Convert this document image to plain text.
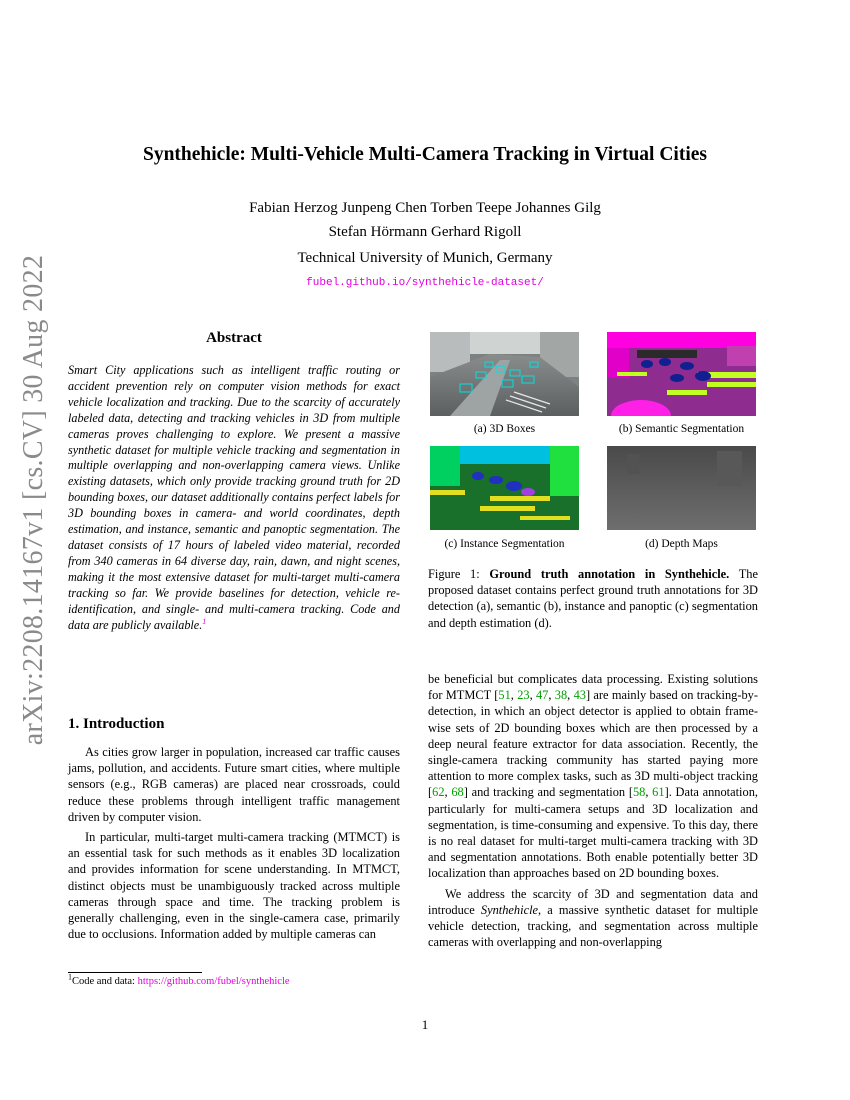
arXiv:2208.14167v1 [cs.CV] 30 Aug 2022
Synthehicle: Multi-Vehicle Multi-Camera Tracking in Virtual Cities
Fabian Herzog Junpeng Chen Torben Teepe Johannes Gilg
Stefan Hörmann Gerhard Rigoll
Technical University of Munich, Germany
fubel.github.io/synthehicle-dataset/
Abstract
Smart City applications such as intelligent traffic routing or accident prevention rely on computer vision methods for exact vehicle localization and tracking. Due to the scarcity of accurately labeled data, detecting and tracking vehicles in 3D from multiple cameras proves challenging to explore. We present a massive synthetic dataset for multiple vehicle tracking and segmentation in multiple overlapping and non-overlapping camera views. Unlike existing datasets, which only provide tracking ground truth for 2D bounding boxes, our dataset additionally contains perfect labels for 3D bounding boxes in camera- and world coordinates, depth estimation, and instance, semantic and panoptic segmentation. The dataset consists of 17 hours of labeled video material, recorded from 340 cameras in 64 diverse day, rain, dawn, and night scenes, making it the most extensive dataset for multi-target multi-camera tracking so far. We provide baselines for detection, vehicle re-identification, and single- and multi-camera tracking. Code and data are publicly available.$^1$
1. Introduction

As cities grow larger in population, increased car traffic causes jams, pollution, and accidents. Future smart cities, where multiple sensors (e.g., RGB cameras) are placed near crossroads, could reduce these problems through intelligent traffic management driven by computer vision.

In particular, multi-target multi-camera tracking (MTMCT) is an essential task for such methods as it enables 3D localization and provides information for scene understanding. In MTMCT, distinct objects must be unambiguously tracked across multiple cameras through space and time. The tracking problem is generally challenging, even in the single-camera case, primarily due to occlusions. Information added by multiple cameras can

$^1$Code and data: https://github.com/fubel/synthehicle
(a) 3D Boxes	(b) Semantic Segmentation
(c) Instance Segmentation	(d) Depth Maps
Figure 1: Ground truth annotation in Synthehicle. The proposed dataset contains perfect ground truth annotations for 3D detection (a), semantic (b), instance and panoptic (c) segmentation and depth estimation (d).

be beneficial but complicates data processing. Existing solutions for MTMCT [51, 23, 47, 38, 43] are mainly based on tracking-by-detection, in which an object detector is applied to obtain frame-wise sets of 2D bounding boxes which are then processed by a deep neural feature extractor for data association. Recently, the single-camera tracking community has started paying more attention to more complex tasks, such as 3D multi-object tracking [62, 68] and tracking and segmentation [58, 61]. Data annotation, particularly for multi-camera setups and 3D localization and segmentation, is time-consuming and expensive. To this day, there is no real dataset for multi-target multi-camera tracking with 3D and segmentation annotations. Both enable potentially better 3D localization than approaches based on 2D bounding boxes.

We address the scarcity of 3D and segmentation data and introduce Synthehicle, a massive synthetic dataset for multiple vehicle detection, tracking, and segmentation across multiple cameras with overlapping and non-overlapping

1
